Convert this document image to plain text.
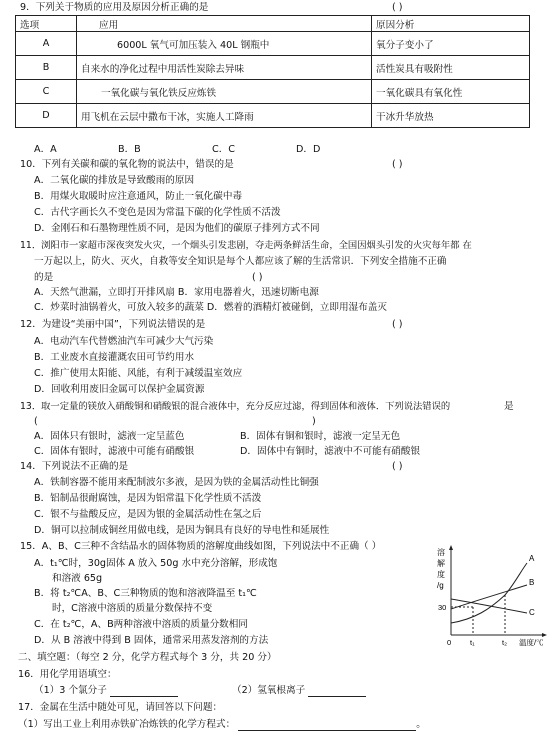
9．下列关于物质的应用及原因分析正确的是	( )
选项	应用	原因分析
A	6000L 氧气可加压装入 40L 钢瓶中	氧分子变小了
B	自来水的净化过程中用活性炭除去异味	活性炭具有吸附性
C	一氧化碳与氧化铁反应炼铁	一氧化碳具有氧化性
D	用飞机在云层中撒布干冰，实施人工降雨	干冰升华放热
A．A	B．B	C．C	D．D
10．下列有关碳和碳的氧化物的说法中，错误的是	( )
A．二氧化碳的排放是导致酸雨的原因
B．用煤火取暖时应注意通风，防止一氧化碳中毒
C．古代字画长久不变色是因为常温下碳的化学性质不活泼
D．金刚石和石墨物理性质不同，是因为他们的碳原子排列方式不同
11．浏阳市一家超市深夜突发火灾，一个烟头引发悲剧，夺走两条鲜活生命，全国因烟头引发的火灾每年都 在
一万起以上，防火、灭火，自救等安全知识是每个人都应该了解的生活常识．下列安全措施不正确
的是	( )
A．天然气泄漏，立即打开排风扇 B．家用电器着火，迅速切断电源
C．炒菜时油锅着火，可放入较多的蔬菜 D．燃着的酒精灯被碰倒，立即用湿布盖灭
12．为建设“美丽中国”，下列说法错误的是	( )
A．电动汽车代替燃油汽车可减少大气污染
B．工业废水直接灌溉农田可节约用水
C．推广使用太阳能、风能，有利于减缓温室效应
D．回收利用废旧金属可以保护金属资源
13．取一定量的镁放入硝酸铜和硝酸银的混合液体中，充分反应过滤，得到固体和液体．下列说法错误的	是
(	)
A．固体只有银时，滤液一定呈蓝色	B．固体有铜和银时，滤液一定呈无色
C．固体有银时，滤液中可能有硝酸银	D．固体中有铜时，滤液中不可能有硝酸银
14．下列说法不正确的是	( )
A．铁制容器不能用来配制波尔多液，是因为铁的金属活动性比铜强
B．铝制品很耐腐蚀，是因为铝常温下化学性质不活泼
C．银不与盐酸反应，是因为银的金属活动性在氢之后
D．铜可以拉制成铜丝用做电线，是因为铜具有良好的导电性和延展性
15．A、B、C三种不含结晶水的固体物质的溶解度曲线如图，下列说法中不正确（ ）
A．t₁℃时，30g固体 A 放入 50g 水中充分溶解，形成饱
和溶液 65g
B．将 t₂℃A、B、C三种物质的饱和溶液降温至 t₁℃
时，C溶液中溶质的质量分数保持不变
C．在 t₂℃，A、B两种溶液中溶质的质量分数相同
D．从 B 溶液中得到 B 固体，通常采用蒸发溶剂的方法
溶
解
度
/g
A
B
C
30
0	t₁	t₂ 温度/℃
二、填空题：（每空 2 分，化学方程式每个 3 分，共 20 分）
16．用化学用语填空：
（1）3 个氯分子	（2）氢氧根离子
17．金属在生活中随处可见，请回答以下问题：
（1）写出工业上利用赤铁矿冶炼铁的化学方程式：	。
